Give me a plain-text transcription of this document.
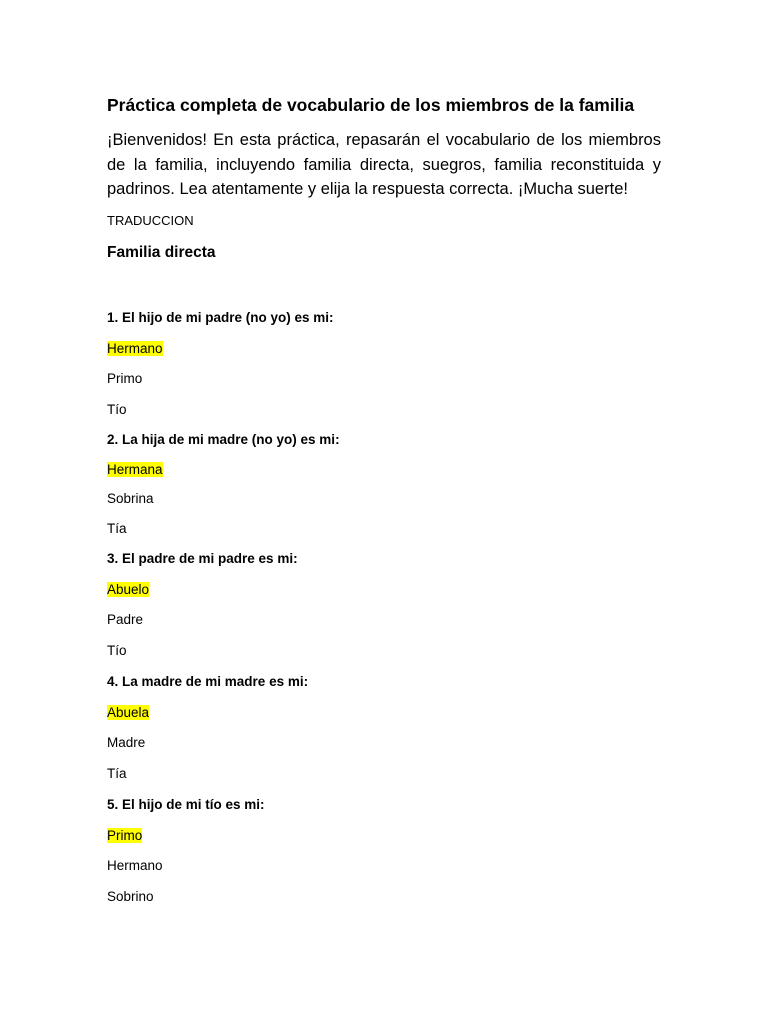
Práctica completa de vocabulario de los miembros de la familia

¡Bienvenidos! En esta práctica, repasarán el vocabulario de los miembros de la familia, incluyendo familia directa, suegros, familia reconstituida y padrinos. Lea atentamente y elija la respuesta correcta. ¡Mucha suerte!

TRADUCCION
Familia directa
1. El hijo de mi padre (no yo) es mi:
Hermano
Primo
Tío
2. La hija de mi madre (no yo) es mi:
Hermana
Sobrina
Tía
3. El padre de mi padre es mi:
Abuelo
Padre
Tío
4. La madre de mi madre es mi:
Abuela
Madre
Tía
5. El hijo de mi tío es mi:
Primo
Hermano
Sobrino
